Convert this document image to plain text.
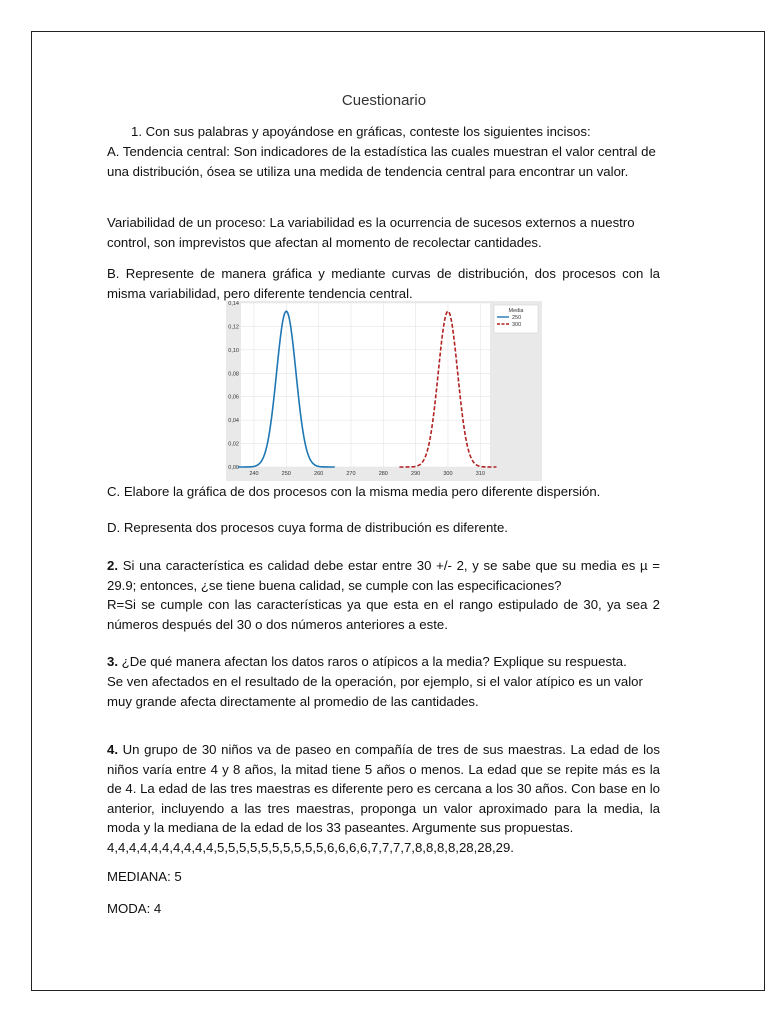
Cuestionario

1. Con sus palabras y apoyándose en gráficas, conteste los siguientes incisos:

A. Tendencia central: Son indicadores de la estadística las cuales muestran el valor central de una distribución, ósea se utiliza una medida de tendencia central para encontrar un valor.

Variabilidad de un proceso: La variabilidad es la ocurrencia de sucesos externos a nuestro control, son imprevistos que afectan al momento de recolectar cantidades.

B. Represente de manera gráfica y mediante curvas de distribución, dos procesos con la misma variabilidad, pero diferente tendencia central.

0,00
0,02
0,04
0,06
0,08
0,10
0,12
0,14
240	250	260	270	280	290	300	310
Media
250
300

C. Elabore la gráfica de dos procesos con la misma media pero diferente dispersión.

D. Representa dos procesos cuya forma de distribución es diferente.

2. Si una característica es calidad debe estar entre 30 +/- 2, y se sabe que su media es µ = 29.9; entonces, ¿se tiene buena calidad, se cumple con las especificaciones?

R=Si se cumple con las características ya que esta en el rango estipulado de 30, ya sea 2 números después del 30 o dos números anteriores a este.

3. ¿De qué manera afectan los datos raros o atípicos a la media? Explique su respuesta.

Se ven afectados en el resultado de la operación, por ejemplo, si el valor atípico es un valor muy grande afecta directamente al promedio de las cantidades.

4. Un grupo de 30 niños va de paseo en compañía de tres de sus maestras. La edad de los niños varía entre 4 y 8 años, la mitad tiene 5 años o menos. La edad que se repite más es la de 4. La edad de las tres maestras es diferente pero es cercana a los 30 años. Con base en lo anterior, incluyendo a las tres maestras, proponga un valor aproximado para la media, la moda y la mediana de la edad de los 33 paseantes. Argumente sus propuestas.

4,4,4,4,4,4,4,4,4,4,5,5,5,5,5,5,5,5,5,5,6,6,6,6,7,7,7,7,8,8,8,8,28,28,29.

MEDIANA: 5

MODA: 4
